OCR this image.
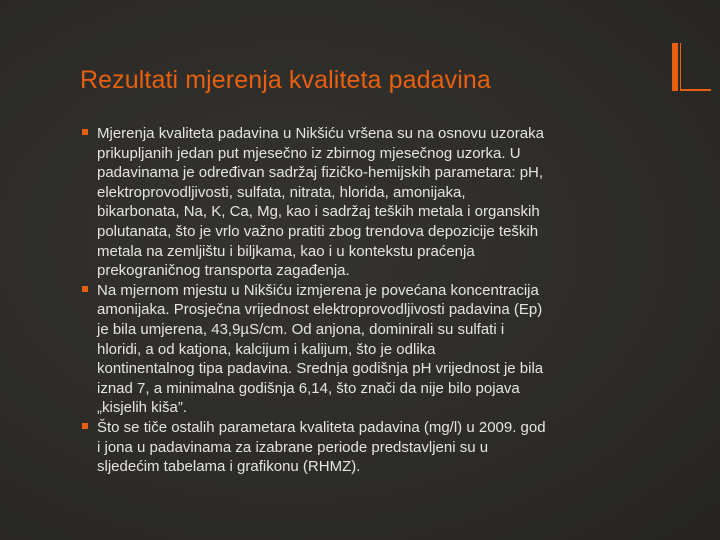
Rezultati mjerenja kvaliteta padavina
Mjerenja kvaliteta padavina u Nikšiću vršena su na osnovu uzoraka
prikupljanih jedan put mjesečno iz zbirnog mjesečnog uzorka. U
padavinama je određivan sadržaj fizičko-hemijskih parametara: pH,
elektroprovodljivosti, sulfata, nitrata, hlorida, amonijaka,
bikarbonata, Na, K, Ca, Mg, kao i sadržaj teških metala i organskih
polutanata, što je vrlo važno pratiti zbog trendova depozicije teških
metala na zemljištu i biljkama, kao i u kontekstu praćenja
prekograničnog transporta zagađenja.
Na mjernom mjestu u Nikšiću izmjerena je povećana koncentracija
amonijaka. Prosječna vrijednost elektroprovodljivosti padavina (Ep)
je bila umjerena, 43,9µS/cm. Od anjona, dominirali su sulfati i
hloridi, a od katjona, kalcijum i kalijum, što je odlika
kontinentalnog tipa padavina. Srednja godišnja pH vrijednost je bila
iznad 7, a minimalna godišnja 6,14, što znači da nije bilo pojava
„kisjelih kiša”.
Što se tiče ostalih parametara kvaliteta padavina (mg/l) u 2009. god
i jona u padavinama za izabrane periode predstavljeni su u
sljedećim tabelama i grafikonu (RHMZ).
